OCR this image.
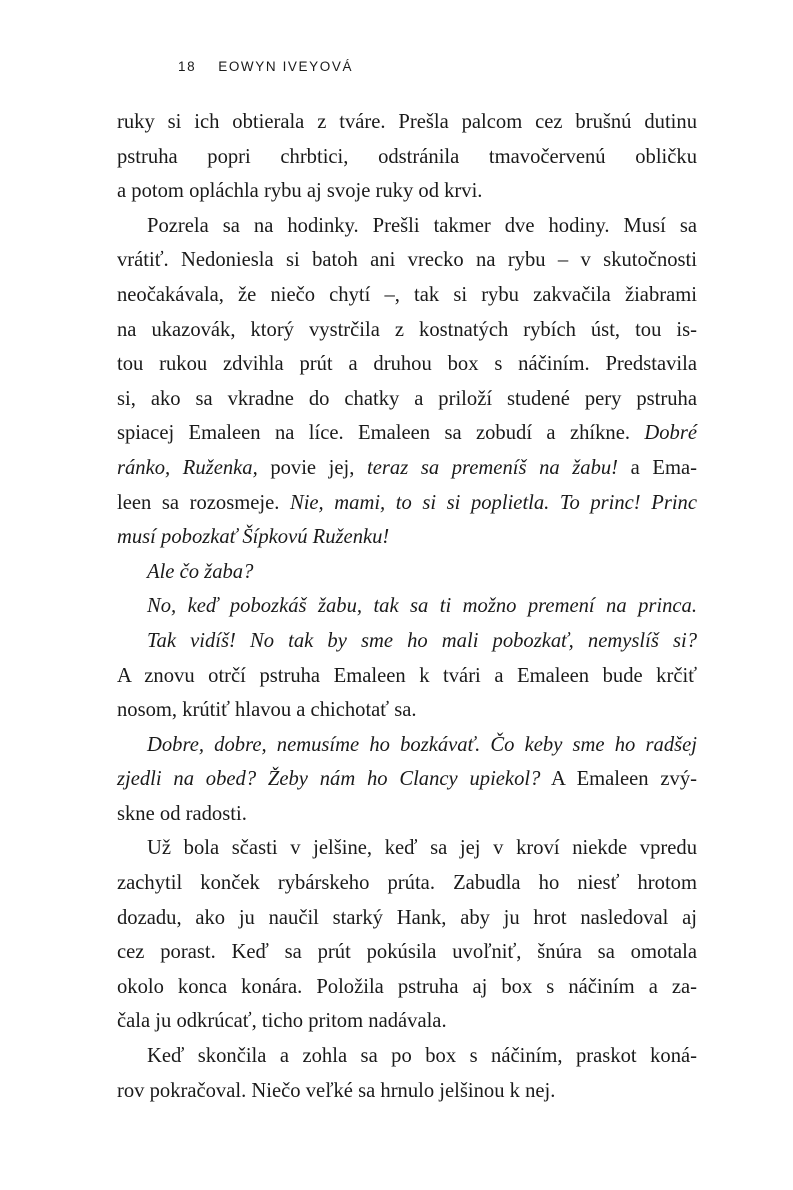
18 EOWYN IVEYOVÁ
ruky si ich obtierala z tváre. Prešla palcom cez brušnú dutinu
pstruha popri chrbtici, odstránila tmavočervenú obličku
a potom opláchla rybu aj svoje ruky od krvi.
Pozrela sa na hodinky. Prešli takmer dve hodiny. Musí sa
vrátiť. Nedoniesla si batoh ani vrecko na rybu – v skutočnosti
neočakávala, že niečo chytí –, tak si rybu zakvačila žiabrami
na ukazovák, ktorý vystrčila z kostnatých rybích úst, tou is-
tou rukou zdvihla prút a druhou box s náčiním. Predstavila
si, ako sa vkradne do chatky a priloží studené pery pstruha
spiacej Emaleen na líce. Emaleen sa zobudí a zhíkne. Dobré
ránko, Ruženka, povie jej, teraz sa premeníš na žabu! a Ema-
leen sa rozosmeje. Nie, mami, to si si poplietla. To princ! Princ
musí pobozkať Šípkovú Ruženku!
Ale čo žaba?
No, keď pobozkáš žabu, tak sa ti možno premení na princa.
Tak vidíš! No tak by sme ho mali pobozkať, nemyslíš si?
A znovu otrčí pstruha Emaleen k tvári a Emaleen bude krčiť
nosom, krútiť hlavou a chichotať sa.
Dobre, dobre, nemusíme ho bozkávať. Čo keby sme ho radšej
zjedli na obed? Žeby nám ho Clancy upiekol? A Emaleen zvý-
skne od radosti.
Už bola sčasti v jelšine, keď sa jej v kroví niekde vpredu
zachytil konček rybárskeho prúta. Zabudla ho niesť hrotom
dozadu, ako ju naučil starký Hank, aby ju hrot nasledoval aj
cez porast. Keď sa prút pokúsila uvoľniť, šnúra sa omotala
okolo konca konára. Položila pstruha aj box s náčiním a za-
čala ju odkrúcať, ticho pritom nadávala.
Keď skončila a zohla sa po box s náčiním, praskot koná-
rov pokračoval. Niečo veľké sa hrnulo jelšinou k nej.
